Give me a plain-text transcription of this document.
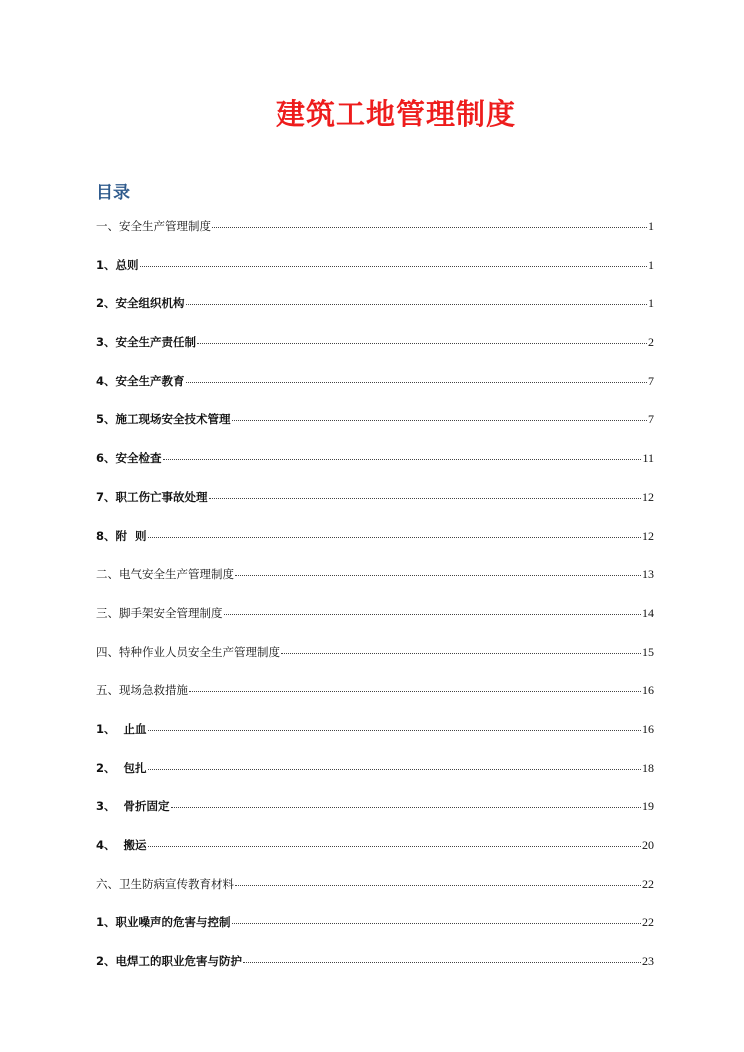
建筑工地管理制度
目录
一、安全生产管理制度	1
1、总则	1
2、安全组织机构	1
3、安全生产责任制	2
4、安全生产教育	7
5、施工现场安全技术管理	7
6、安全检查	11
7、职工伤亡事故处理	12
8、附  则	12
二、电气安全生产管理制度	13
三、脚手架安全管理制度	14
四、特种作业人员安全生产管理制度	15
五、现场急救措施	16
1、  止血	16
2、  包扎	18
3、  骨折固定	19
4、  搬运	20
六、卫生防病宣传教育材料	22
1、职业噪声的危害与控制	22
2、电焊工的职业危害与防护	23
